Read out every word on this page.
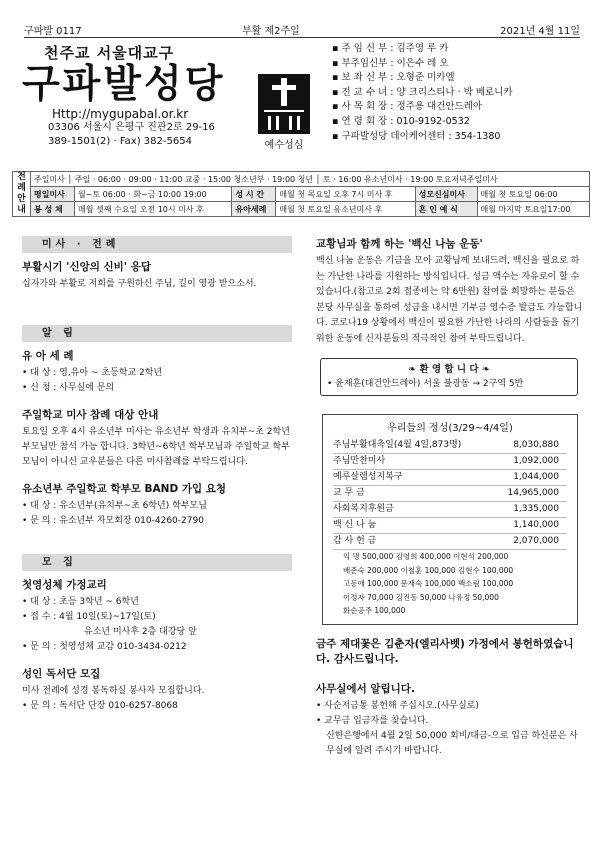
구파발 0117	부활 제2주일	2021년 4월 11일
천주교 서울대교구
구파발성당
Http://mygupabal.or.kr
03306 서울시 은평구 진관2로 29-16
389-1501(2) · Fax) 382-5654	예수성심
▪ 주 임 신 부 : 김주영 루 카
▪ 부주임신부 : 이은수 레 오
▪ 보 좌 신 부 : 오형준 미카엘
▪ 전 교 수 녀 : 양 크리스티나 · 박 베로니카
▪ 사 목 회 장 : 정주용 대건안드레아
▪ 연 령 회 장 : 010-9192-0532
▪ 구파발성당 데이케어센터 : 354-1380
전례안내	주일미사 │ 주일 · 06:00 · 09:00 · 11:00 교중 · 15:00 청소년부 · 19:00 청년 │ 토 · 16:00 유소년미사 · 19:00 토요저녁주일미사					
	평일미사	월~토 06:00 · 화~금 10:00 19:00	성 시 간	매월 첫 목요일 오후 7시 미사 후	성모신심미사	매월 첫 토요일 06:00
	봉 성 체	매월 셋째 수요일 오전 10시 미사 후	유아세례	매월 첫 토요일 유소년미사 후	혼 인 예 식	매월 마지막 토요일17:00
미사 · 전례
부활시기 '신앙의 신비' 응답
십자가와 부활로 저희를 구원하신 주님, 길이 영광 받으소서.
알 림
유 아 세 례
• 대 상 : 영,유아 ~ 초등학교 2학년
• 신 청 : 사무실에 문의
주일학교 미사 참례 대상 안내
토요일 오후 4시 유소년부 미사는 유소년부 학생과 유치부~초 2학년 부모님만 참석 가능 합니다. 3학년~6학년 학부모님과 주일학교 학부모님이 아니신 교우분들은 다른 미사참례를 부탁드립니다.
유소년부 주일학교 학부모 BAND 가입 요청
• 대 상 : 유소년부(유치부~초 6학년) 학부모님
• 문 의 : 유소년부 자모회장 010-4260-2790
모 집
첫영성체 가정교리
• 대 상 : 초등 3학년 ~ 6학년
• 접 수 : 4월 10일(토)~17일(토)
유소년 미사후 2층 대강당 앞
• 문 의 : 첫영성체 교감 010-3434-0212
성인 독서단 모집
미사 전례에 성경 봉독하실 봉사자 모집합니다.
• 문 의 : 독서단 단장 010-6257-8068
교황님과 함께 하는 '백신 나눔 운동'
백신 나눔 운동은 기금을 모아 교황님께 보내드려, 백신을 필요로 하는 가난한 나라를 지원하는 방식입니다. 성금 액수는 자유로이 할 수 있습니다.(참고로 2회 접종비는 약 6만원) 참여를 희망하는 분들은 본당 사무실을 통하여 성금을 내시면 기부금 영수증 발급도 가능합니다. 코로나19 상황에서 백신이 필요한 가난한 나라의 사람들을 돕기 위한 운동에 신자분들의 적극적인 참여 부탁드립니다.
❧ 환 영 합 니 다 ❧
• 윤재훈(대건안드레아) 서울 불광동 → 2구역 5반
우리들의 정성(3/29~4/4일)
주님부활대축일(4월 4일,873명)	8,030,880
주님만찬미사	1,092,000
예루살렘성지복구	1,044,000
교 무 금	14,965,000
사회복지후원금	1,335,000
백 신 나 눔	1,140,000
감 사 헌 금	2,070,000
익 명 500,000 김영희 400,000 이현석 200,000
배준숙 200,000 이철훈 100,000 김현수 100,000
고동애 100,000 문재숙 100,000 백소림 100,000
이정자 70,000 김진동 50,000 나유정 50,000
화순공주 100,000
금주 제대꽃은 김춘자(엘리사벳) 가정에서 봉헌하였습니다. 감사드립니다.
사무실에서 알립니다.
• 사순저금통 봉헌해 주십시오.(사무실로)
• 교무금 입금자를 찾습니다.
신한은행에서 4월 2일 50,000 회비/대금-으로 입금 하신분은 사무실에 알려 주시기 바랍니다.
